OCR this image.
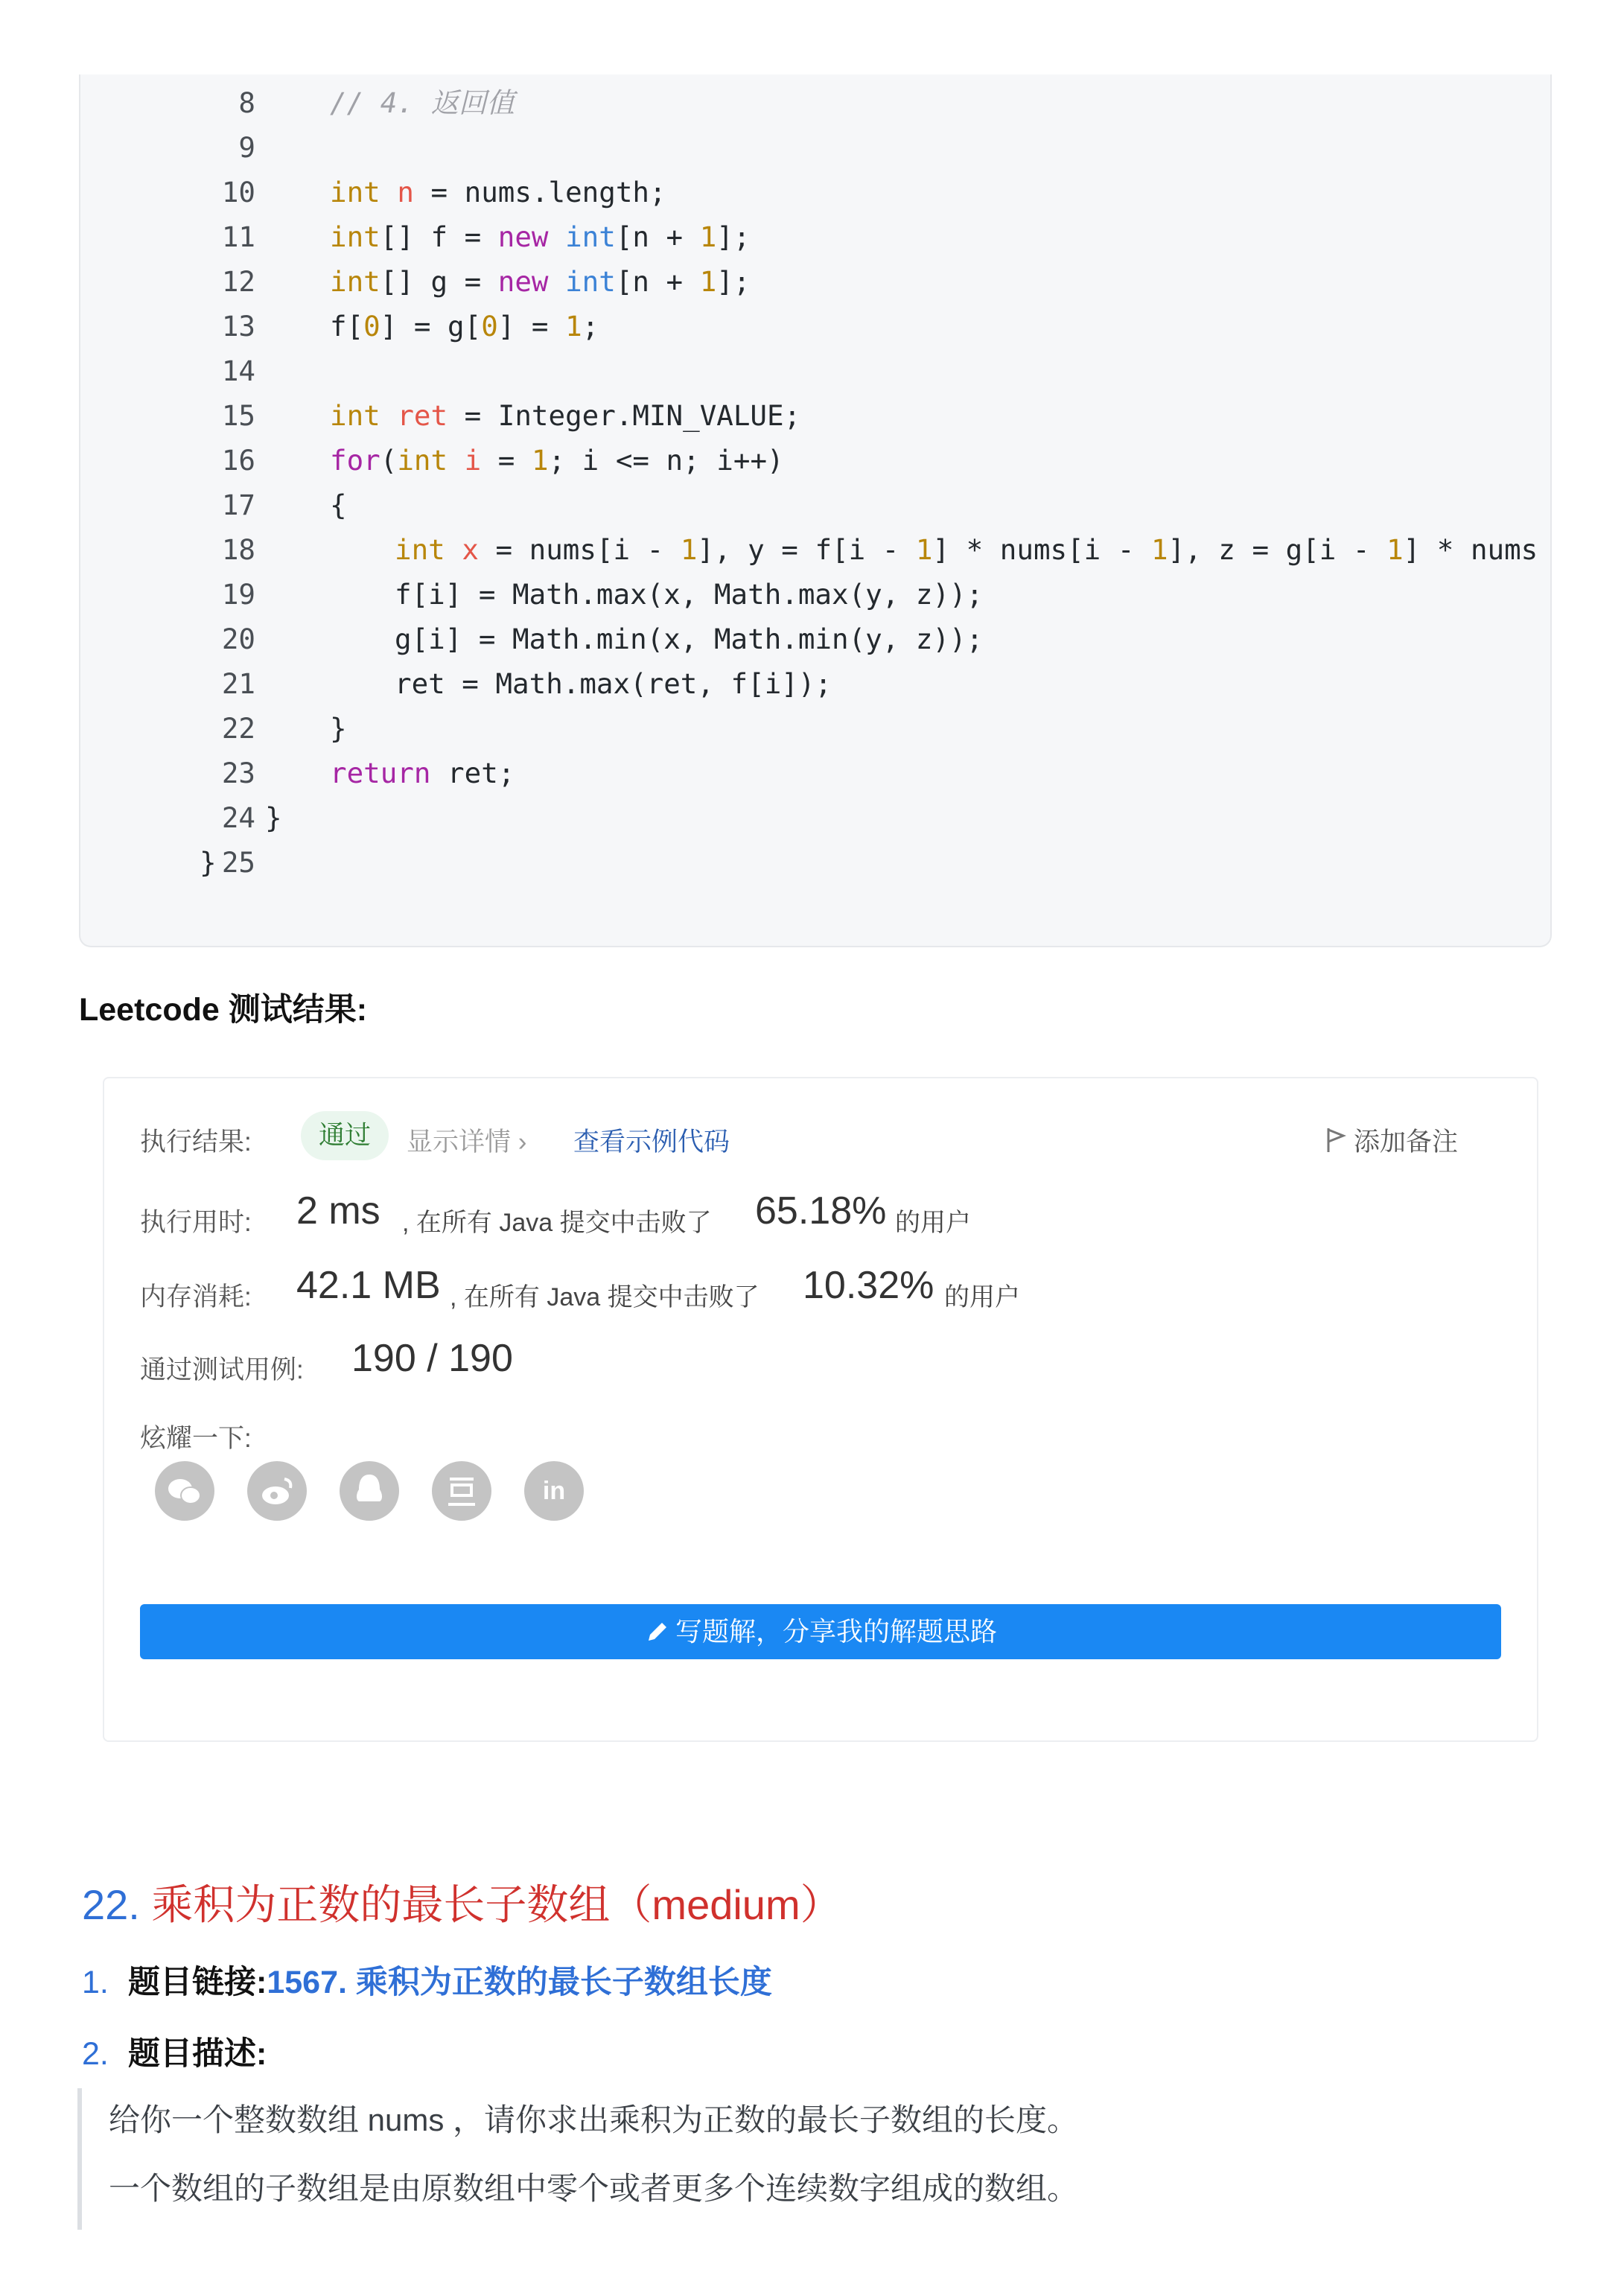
8	// 4. 返回值
9
10	int n = nums.length;
11	int[] f = new int[n + 1];
12	int[] g = new int[n + 1];
13	f[0] = g[0] = 1;
14
15	int ret = Integer.MIN_VALUE;
16	for(int i = 1; i <= n; i++)
17	{
18	int x = nums[i - 1], y = f[i - 1] * nums[i - 1], z = g[i - 1] * nums
19	f[i] = Math.max(x, Math.max(y, z));
20	g[i] = Math.min(x, Math.min(y, z));
21	ret = Math.max(ret, f[i]);
22	}
23	return ret;
24 }
25
}
Leetcode 测试结果:
执行结果:	通过	显示详情 › 查看示例代码	添加备注
执行用时: 2 ms , 在所有 Java 提交中击败了 65.18% 的用户
内存消耗: 42.1 MB , 在所有 Java 提交中击败了 10.32% 的用户
通过测试用例: 190 / 190
炫耀一下:
in
写题解，分享我的解题思路
22. 乘积为正数的最长子数组（medium）
1. 题目链接:1567. 乘积为正数的最长子数组长度
2. 题目描述:
给你一个整数数组 nums ，请你求出乘积为正数的最长子数组的长度。
一个数组的子数组是由原数组中零个或者更多个连续数字组成的数组。
